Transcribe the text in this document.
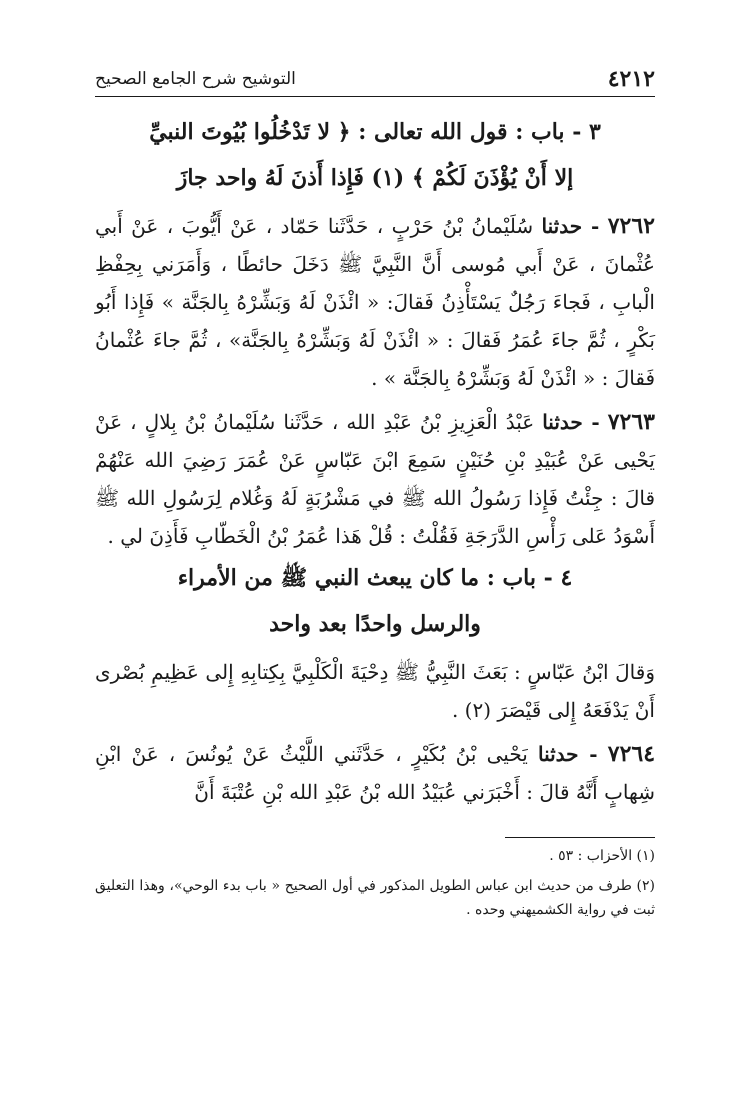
٤٢١٢
التوشيح شرح الجامع الصحيح
٣ - باب : قول الله تعالى : ﴿ لا تَدْخُلُوا بُيُوتَ النبيِّ
إلا أَنْ يُؤْذَنَ لَكُمْ ﴾ (١) فَإِذا أَذنَ لَهُ واحد جازَ

٧٢٦٢ - حدثنا سُلَيْمانُ بْنُ حَرْبٍ ، حَدَّثَنا حَمّاد ، عَنْ أَيُّوبَ ، عَنْ أَبي عُثْمانَ ، عَنْ أَبي مُوسى أَنَّ النَّبِيَّ ﷺ دَخَلَ حائطًا ، وَأَمَرَني بِحِفْظِ الْبابِ ، فَجاءَ رَجُلٌ يَسْتَأْذِنُ فَقالَ: « ائْذَنْ لَهُ وَبَشِّرْهُ بِالجَنَّة » فَإِذا أَبُو بَكْرٍ ، ثُمَّ جاءَ عُمَرُ فَقالَ : « ائْذَنْ لَهُ وَبَشِّرْهُ بِالجَنَّة» ، ثُمَّ جاءَ عُثْمانُ فَقالَ : « ائْذَنْ لَهُ وَبَشِّرْهُ بِالجَنَّة » .

٧٢٦٣ - حدثنا عَبْدُ الْعَزِيزِ بْنُ عَبْدِ الله ، حَدَّثَنا سُلَيْمانُ بْنُ بِلالٍ ، عَنْ يَحْيى عَنْ عُبَيْدِ بْنِ حُنَيْنٍ سَمِعَ ابْنَ عَبّاسٍ عَنْ عُمَرَ رَضِيَ الله عَنْهُمْ قالَ : جِئْتُ فَإِذا رَسُولُ الله ﷺ في مَشْرُبَةٍ لَهُ وَغُلام لِرَسُولِ الله ﷺ أَسْوَدُ عَلى رَأْسِ الدَّرَجَةِ فَقُلْتُ : قُلْ هَذا عُمَرُ بْنُ الْخَطّابِ فَأَذِنَ لي .

٤ - باب : ما كان يبعث النبي ﷺ من الأمراء
والرسل واحدًا بعد واحد

وَقالَ ابْنُ عَبّاسٍ : بَعَثَ النَّبِيُّ ﷺ دِحْيَةَ الْكَلْبِيَّ بِكِتابِهِ إِلى عَظِيمِ بُصْرى أَنْ يَدْفَعَهُ إِلى قَيْصَرَ (٢) .

٧٢٦٤ - حدثنا يَحْيى بْنُ بُكَيْرٍ ، حَدَّثَني اللَّيْثُ عَنْ يُونُسَ ، عَنْ ابْنِ شِهابٍ أَنَّهُ قالَ : أَخْبَرَني عُبَيْدُ الله بْنُ عَبْدِ الله بْنِ عُتْبَةَ أَنَّ

(١) الأحزاب : ٥٣ .

(٢) طرف من حديث ابن عباس الطويل المذكور في أول الصحيح « باب بدء الوحي»، وهذا التعليق ثبت في رواية الكشميهني وحده .
